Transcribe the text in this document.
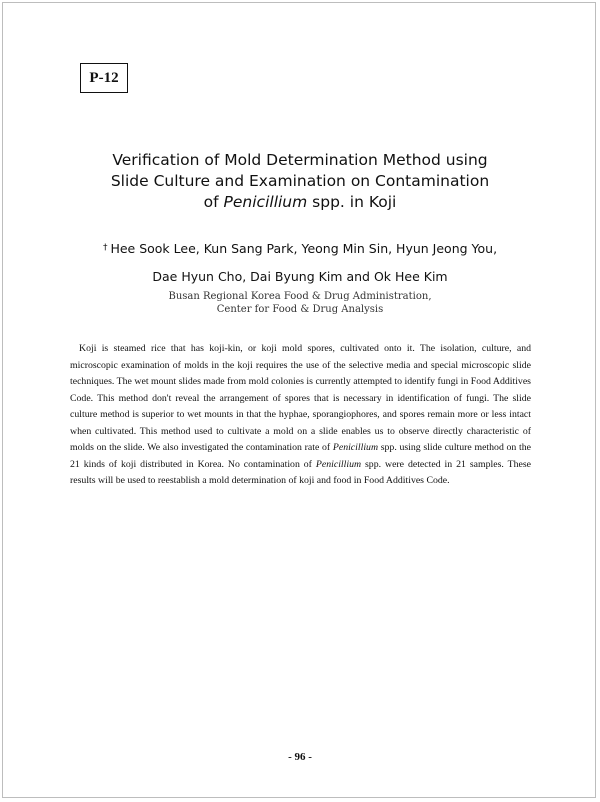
P-12
Verification of Mold Determination Method using
Slide Culture and Examination on Contamination
of Penicillium spp. in Koji
† Hee Sook Lee, Kun Sang Park, Yeong Min Sin, Hyun Jeong You,
Dae Hyun Cho, Dai Byung Kim and Ok Hee Kim
Busan Regional Korea Food & Drug Administration,
Center for Food & Drug Analysis
Koji is steamed rice that has koji-kin, or koji mold spores, cultivated onto it. The isolation, culture, and microscopic examination of molds in the koji requires the use of the selective media and special microscopic slide techniques. The wet mount slides made from mold colonies is currently attempted to identify fungi in Food Additives Code. This method don't reveal the arrangement of spores that is necessary in identification of fungi. The slide culture method is superior to wet mounts in that the hyphae, sporangiophores, and spores remain more or less intact when cultivated. This method used to cultivate a mold on a slide enables us to observe directly characteristic of molds on the slide. We also investigated the contamination rate of Penicillium spp. using slide culture method on the 21 kinds of koji distributed in Korea. No contamination of Penicillium spp. were detected in 21 samples. These results will be used to reestablish a mold determination of koji and food in Food Additives Code.
- 96 -
